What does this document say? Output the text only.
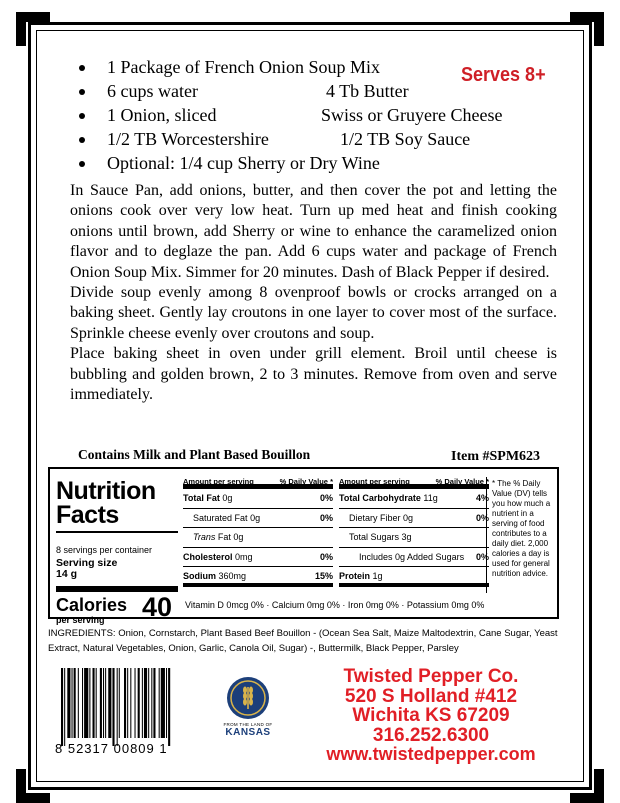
1 Package of French Onion Soup Mix
6 cups water	4 Tb Butter
1 Onion, sliced	Swiss or Gruyere Cheese
1/2 TB Worcestershire	1/2 TB Soy Sauce
Optional: 1/4 cup Sherry or Dry Wine
Serves 8+

In Sauce Pan, add onions, butter, and then cover the pot and letting the onions cook over very low heat. Turn up med heat and finish cooking onions until brown, add Sherry or wine to enhance the caramelized onion flavor and to deglaze the pan. Add 6 cups water and package of French Onion Soup Mix. Simmer for 20 minutes. Dash of Black Pepper if desired.

Divide soup evenly among 8 ovenproof bowls or crocks arranged on a baking sheet. Gently lay croutons in one layer to cover most of the surface. Sprinkle cheese evenly over croutons and soup.

Place baking sheet in oven under grill element. Broil until cheese is bubbling and golden brown, 2 to 3 minutes. Remove from oven and serve immediately.

Contains Milk and Plant Based Bouillon	Item #SPM623
Nutrition
Facts
8 servings per container
Serving size
14 g
Calories
per serving 40
Amount per serving	% Daily Value *
Total Fat 0g	0%
Saturated Fat 0g	0%
Trans Fat 0g
Cholesterol 0mg	0%
Sodium 360mg	15%
Amount per serving	% Daily Value *
Total Carbohydrate 11g	4%
Dietary Fiber 0g	0%
Total Sugars 3g
Includes 0g Added Sugars 0%
Protein 1g
Vitamin D 0mcg 0% · Calcium 0mg 0% · Iron 0mg 0% · Potassium 0mg 0%
* The % Daily Value (DV) tells you how much a nutrient in a serving of food contributes to a daily diet. 2,000 calories a day is used for general nutrition advice.
INGREDIENTS: Onion, Cornstarch, Plant Based Beef Bouillon - (Ocean Sea Salt, Maize Maltodextrin, Cane Sugar, Yeast Extract, Natural Vegetables, Onion, Garlic, Canola Oil, Sugar) -, Buttermilk, Black Pepper, Parsley
8 52317 00809 1
FROM THE LAND OF
KANSAS
Twisted Pepper Co.
520 S Holland #412
Wichita KS 67209
316.252.6300
www.twistedpepper.com
